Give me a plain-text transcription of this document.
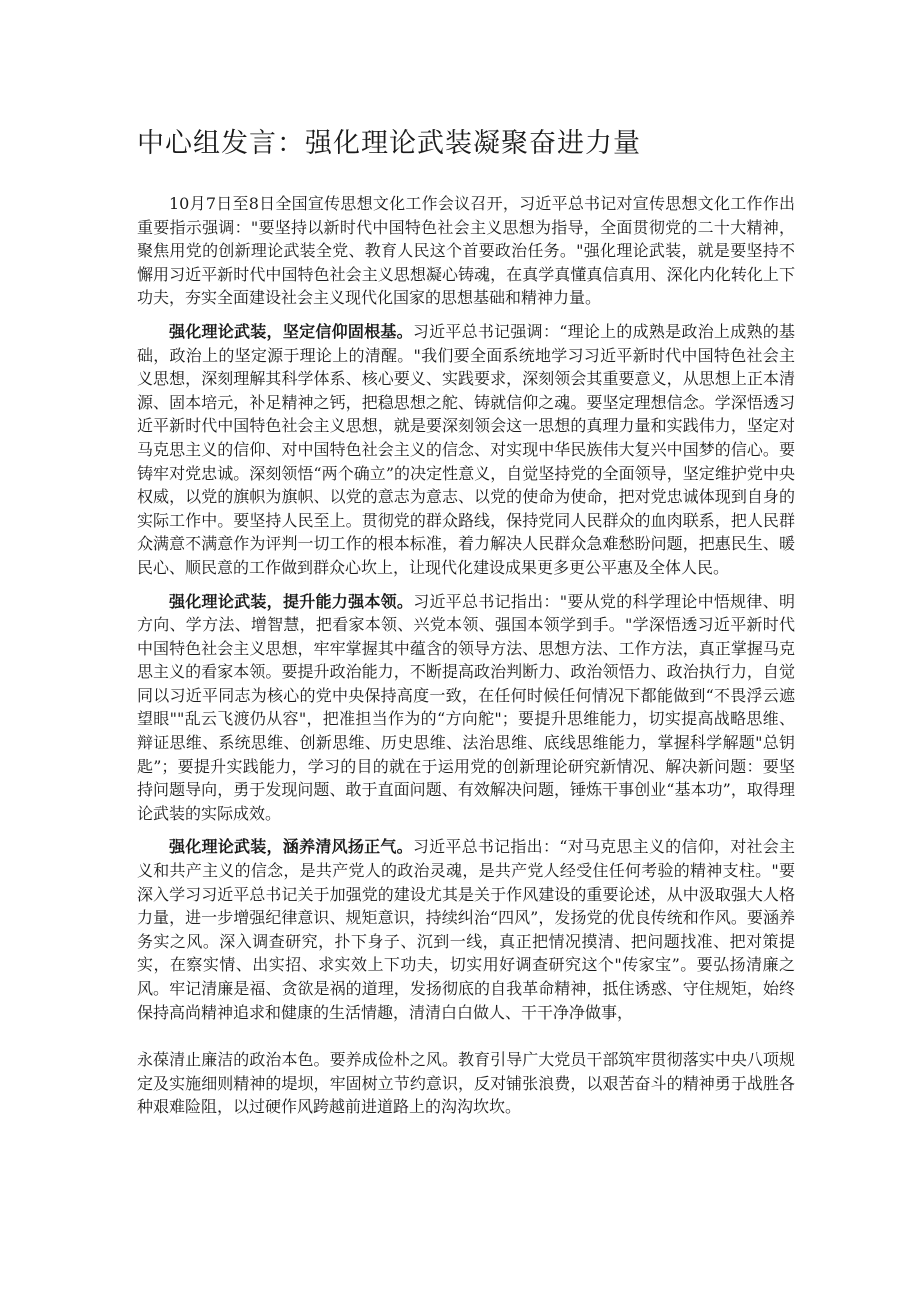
中心组发言：强化理论武装凝聚奋进力量

10月7日至8日全国宣传思想文化工作会议召开，习近平总书记对宣传思想文化工作作出重要指示强调："要坚持以新时代中国特色社会主义思想为指导，全面贯彻党的二十大精神，聚焦用党的创新理论武装全党、教育人民这个首要政治任务。"强化理论武装，就是要坚持不懈用习近平新时代中国特色社会主义思想凝心铸魂，在真学真懂真信真用、深化内化转化上下功夫，夯实全面建设社会主义现代化国家的思想基础和精神力量。

强化理论武装，坚定信仰固根基。习近平总书记强调：“理论上的成熟是政治上成熟的基础，政治上的坚定源于理论上的清醒。"我们要全面系统地学习习近平新时代中国特色社会主义思想，深刻理解其科学体系、核心要义、实践要求，深刻领会其重要意义，从思想上正本清源、固本培元，补足精神之钙，把稳思想之舵、铸就信仰之魂。要坚定理想信念。学深悟透习近平新时代中国特色社会主义思想，就是要深刻领会这一思想的真理力量和实践伟力，坚定对马克思主义的信仰、对中国特色社会主义的信念、对实现中华民族伟大复兴中国梦的信心。要铸牢对党忠诚。深刻领悟“两个确立”的决定性意义，自觉坚持党的全面领导，坚定维护党中央权威，以党的旗帜为旗帜、以党的意志为意志、以党的使命为使命，把对党忠诚体现到自身的实际工作中。要坚持人民至上。贯彻党的群众路线，保持党同人民群众的血肉联系，把人民群众满意不满意作为评判一切工作的根本标准，着力解决人民群众急难愁盼问题，把惠民生、暖民心、顺民意的工作做到群众心坎上，让现代化建设成果更多更公平惠及全体人民。

强化理论武装，提升能力强本领。习近平总书记指出："要从党的科学理论中悟规律、明方向、学方法、增智慧，把看家本领、兴党本领、强国本领学到手。"学深悟透习近平新时代中国特色社会主义思想，牢牢掌握其中蕴含的领导方法、思想方法、工作方法，真正掌握马克思主义的看家本领。要提升政治能力，不断提高政治判断力、政治领悟力、政治执行力，自觉同以习近平同志为核心的党中央保持高度一致，在任何时候任何情况下都能做到“不畏浮云遮望眼""乱云飞渡仍从容"，把准担当作为的“方向舵"；要提升思维能力，切实提高战略思维、辩证思维、系统思维、创新思维、历史思维、法治思维、底线思维能力，掌握科学解题"总钥匙”；要提升实践能力，学习的目的就在于运用党的创新理论研究新情况、解决新问题：要坚持问题导向，勇于发现问题、敢于直面问题、有效解决问题，锤炼干事创业“基本功”，取得理论武装的实际成效。

强化理论武装，涵养清风扬正气。习近平总书记指出：“对马克思主义的信仰，对社会主义和共产主义的信念，是共产党人的政治灵魂，是共产党人经受住任何考验的精神支柱。"要深入学习习近平总书记关于加强党的建设尤其是关于作风建设的重要论述，从中汲取强大人格力量，进一步增强纪律意识、规矩意识，持续纠治“四风”，发扬党的优良传统和作风。要涵养务实之风。深入调查研究，扑下身子、沉到一线，真正把情况摸清、把问题找准、把对策提实，在察实情、出实招、求实效上下功夫，切实用好调查研究这个"传家宝”。要弘扬清廉之风。牢记清廉是福、贪欲是祸的道理，发扬彻底的自我革命精神，抵住诱惑、守住规矩，始终保持高尚精神追求和健康的生活情趣，清清白白做人、干干净净做事，

永葆清止廉洁的政治本色。要养成俭朴之风。教育引导广大党员干部筑牢贯彻落实中央八项规定及实施细则精神的堤坝，牢固树立节约意识，反对铺张浪费，以艰苦奋斗的精神勇于战胜各种艰难险阻，以过硬作风跨越前进道路上的沟沟坎坎。
